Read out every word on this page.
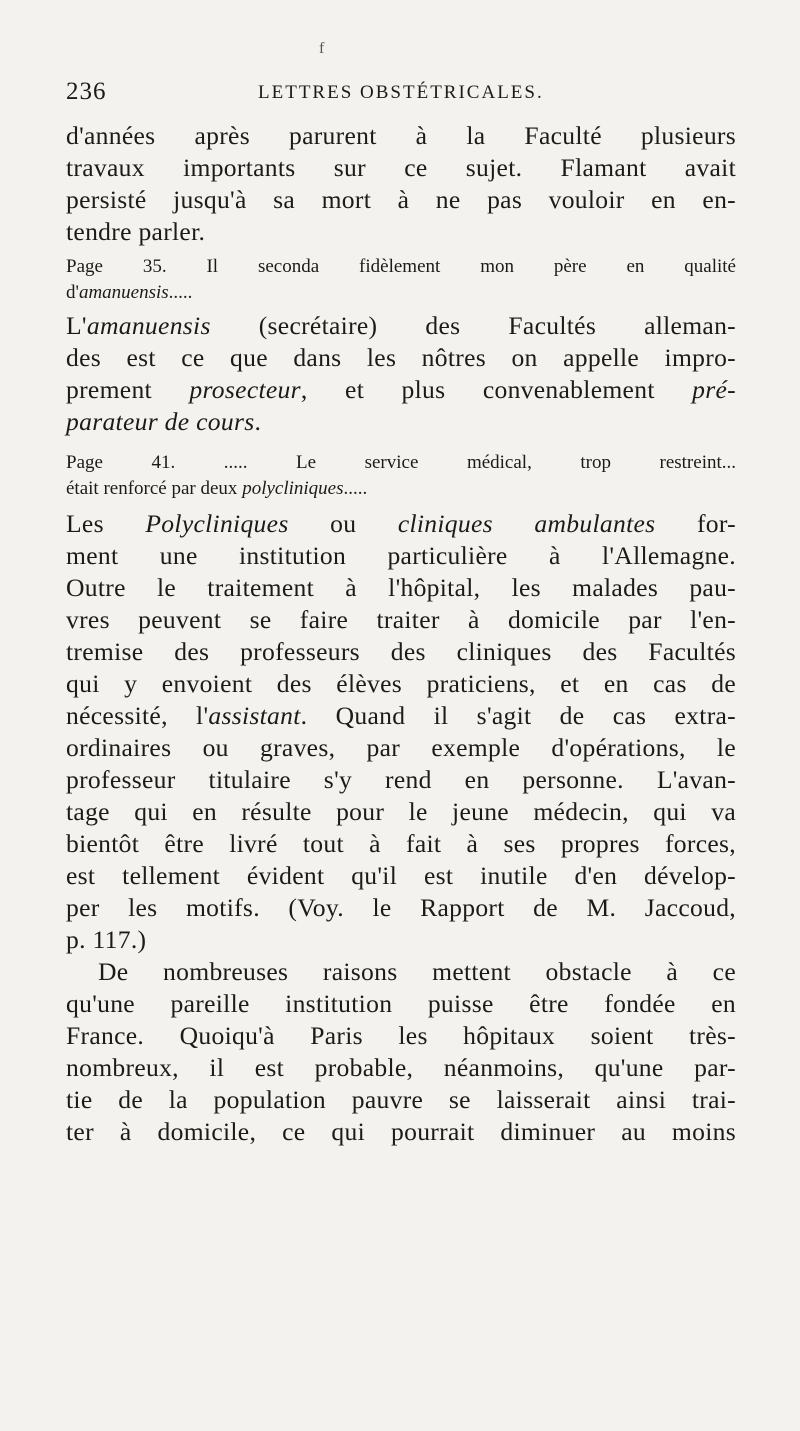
f
236	LETTRES OBSTÉTRICALES.
d'années après parurent à la Faculté plusieurs
travaux importants sur ce sujet. Flamant avait
persisté jusqu'à sa mort à ne pas vouloir en en-
tendre parler.
Page 35. Il seconda fidèlement mon père en qualité
d'amanuensis.....
L'amanuensis (secrétaire) des Facultés alleman-
des est ce que dans les nôtres on appelle impro-
prement prosecteur, et plus convenablement pré-
parateur de cours.
Page 41. ..... Le service médical, trop restreint...
était renforcé par deux polycliniques.....
Les Polycliniques ou cliniques ambulantes for-
ment une institution particulière à l'Allemagne.
Outre le traitement à l'hôpital, les malades pau-
vres peuvent se faire traiter à domicile par l'en-
tremise des professeurs des cliniques des Facultés
qui y envoient des élèves praticiens, et en cas de
nécessité, l'assistant. Quand il s'agit de cas extra-
ordinaires ou graves, par exemple d'opérations, le
professeur titulaire s'y rend en personne. L'avan-
tage qui en résulte pour le jeune médecin, qui va
bientôt être livré tout à fait à ses propres forces,
est tellement évident qu'il est inutile d'en dévelop-
per les motifs. (Voy. le Rapport de M. Jaccoud,
p. 117.)
De nombreuses raisons mettent obstacle à ce
qu'une pareille institution puisse être fondée en
France. Quoiqu'à Paris les hôpitaux soient très-
nombreux, il est probable, néanmoins, qu'une par-
tie de la population pauvre se laisserait ainsi trai-
ter à domicile, ce qui pourrait diminuer au moins
